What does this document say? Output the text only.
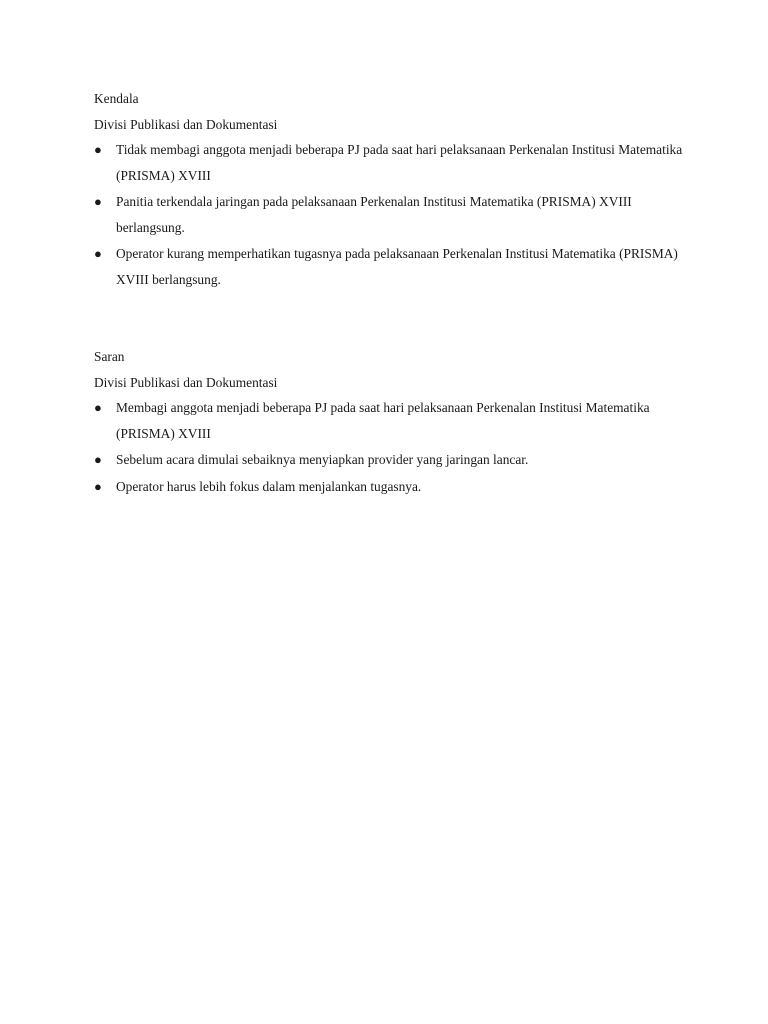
Kendala

Divisi Publikasi dan Dokumentasi

● Tidak membagi anggota menjadi beberapa PJ pada saat hari pelaksanaan Perkenalan Institusi Matematika (PRISMA) XVIII
● Panitia terkendala jaringan pada pelaksanaan Perkenalan Institusi Matematika (PRISMA) XVIII berlangsung.
● Operator kurang memperhatikan tugasnya pada pelaksanaan Perkenalan Institusi Matematika (PRISMA) XVIII berlangsung.

Saran

Divisi Publikasi dan Dokumentasi

● Membagi anggota menjadi beberapa PJ pada saat hari pelaksanaan Perkenalan Institusi Matematika (PRISMA) XVIII
● Sebelum acara dimulai sebaiknya menyiapkan provider yang jaringan lancar.
● Operator harus lebih fokus dalam menjalankan tugasnya.
